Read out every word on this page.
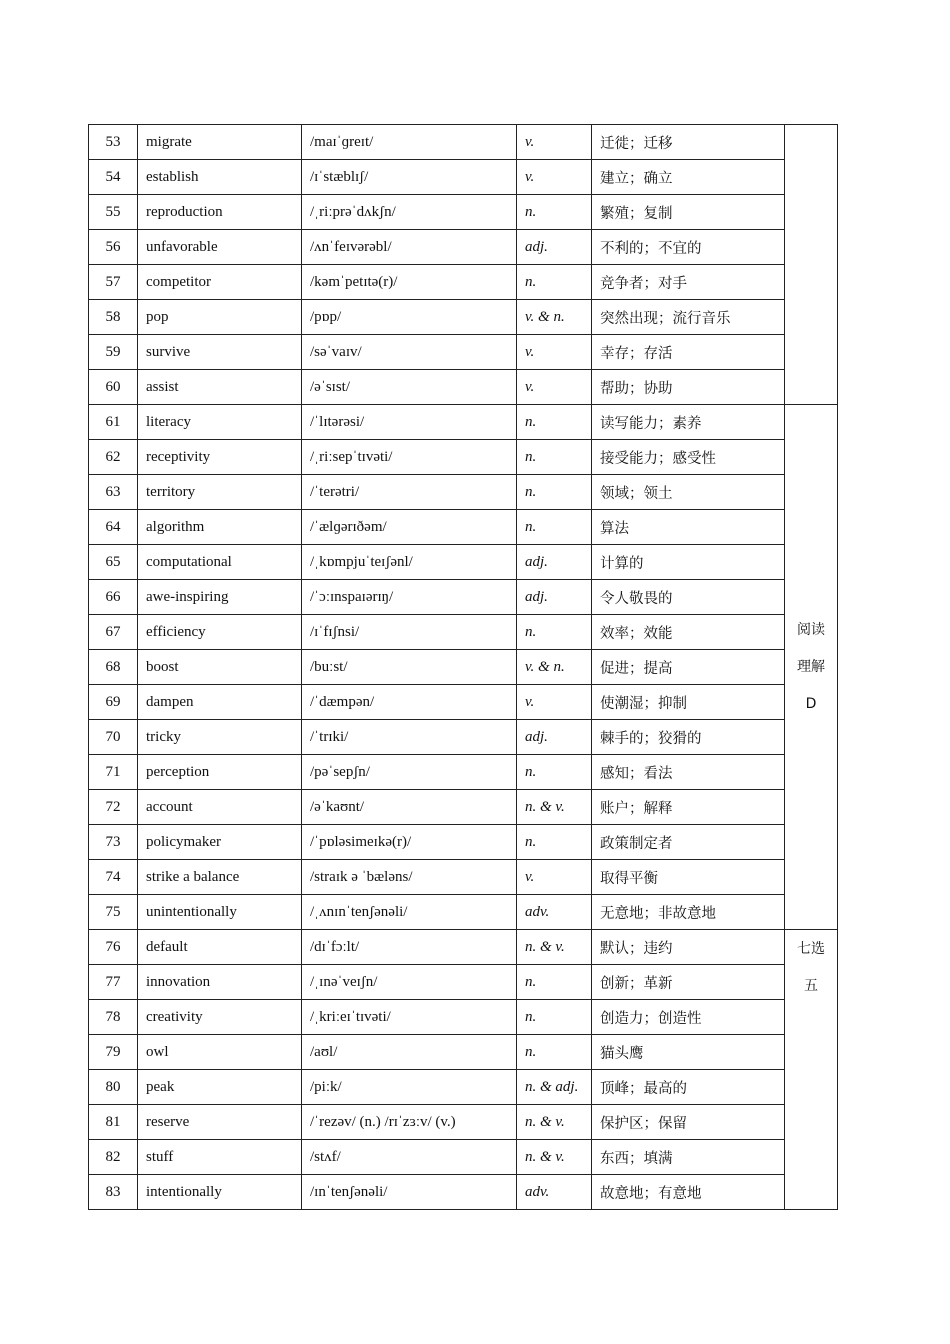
53	migrate	/maɪˈɡreɪt/	v.	迁徙；迁移	
54	establish	/ɪˈstæblɪʃ/	v.	建立；确立	
55	reproduction	/ˌriːprəˈdʌkʃn/	n.	繁殖；复制	
56	unfavorable	/ʌnˈfeɪvərəbl/	adj.	不利的；不宜的	
57	competitor	/kəmˈpetɪtə(r)/	n.	竞争者；对手	
58	pop	/pɒp/	v. & n.	突然出现；流行音乐	
59	survive	/səˈvaɪv/	v.	幸存；存活	
60	assist	/əˈsɪst/	v.	帮助；协助	
61	literacy	/ˈlɪtərəsi/	n.	读写能力；素养	阅读
理解
D

62	receptivity	/ˌriːsepˈtɪvəti/	n.	接受能力；感受性	
63	territory	/ˈterətri/	n.	领域；领土	
64	algorithm	/ˈælɡərɪðəm/	n.	算法	
65	computational	/ˌkɒmpjuˈteɪʃənl/	adj.	计算的	
66	awe-inspiring	/ˈɔːɪnspaɪərɪŋ/	adj.	令人敬畏的	
67	efficiency	/ɪˈfɪʃnsi/	n.	效率；效能	
68	boost	/buːst/	v. & n.	促进；提高	
69	dampen	/ˈdæmpən/	v.	使潮湿；抑制	
70	tricky	/ˈtrɪki/	adj.	棘手的；狡猾的	
71	perception	/pəˈsepʃn/	n.	感知；看法	
72	account	/əˈkaʊnt/	n. & v.	账户；解释	
73	policymaker	/ˈpɒləsimeɪkə(r)/	n.	政策制定者	
74	strike a balance	/straɪk ə ˈbæləns/	v.	取得平衡	
75	unintentionally	/ˌʌnɪnˈtenʃənəli/	adv.	无意地；非故意地	
76	default	/dɪˈfɔːlt/	n. & v.	默认；违约	七选
五

77	innovation	/ˌɪnəˈveɪʃn/	n.	创新；革新	
78	creativity	/ˌkriːeɪˈtɪvəti/	n.	创造力；创造性	
79	owl	/aʊl/	n.	猫头鹰	
80	peak	/piːk/	n. & adj.	顶峰；最高的	
81	reserve	/ˈrezəv/ (n.) /rɪˈzɜːv/ (v.)	n. & v.	保护区；保留	
82	stuff	/stʌf/	n. & v.	东西；填满	
83	intentionally	/ɪnˈtenʃənəli/	adv.	故意地；有意地	
